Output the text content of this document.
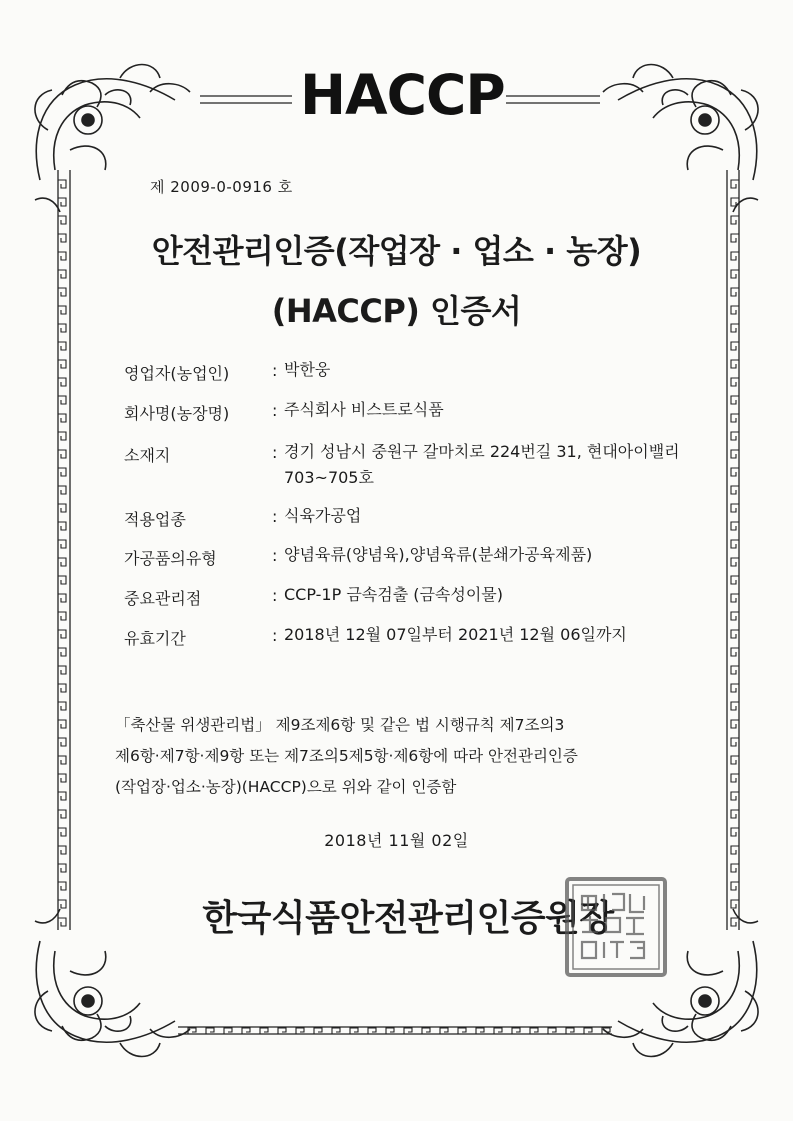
HACCP
제 2009-0-0916 호
안전관리인증(작업장 · 업소 · 농장)
(HACCP) 인증서
영업자(농업인)	: 박한웅
회사명(농장명)	: 주식회사 비스트로식품
소재지	: 경기 성남시 중원구 갈마치로 224번길 31, 현대아이밸리 703~705호
적용업종	: 식육가공업
가공품의유형	: 양념육류(양념육),양념육류(분쇄가공육제품)
중요관리점	: CCP-1P 금속검출 (금속성이물)
유효기간	: 2018년 12월 07일부터 2021년 12월 06일까지
「축산물 위생관리법」 제9조제6항 및 같은 법 시행규칙 제7조의3
제6항·제7항·제9항 또는 제7조의5제5항·제6항에 따라 안전관리인증
(작업장·업소·농장)(HACCP)으로 위와 같이 인증함
2018년 11월 02일
한국식품안전관리인증원장
